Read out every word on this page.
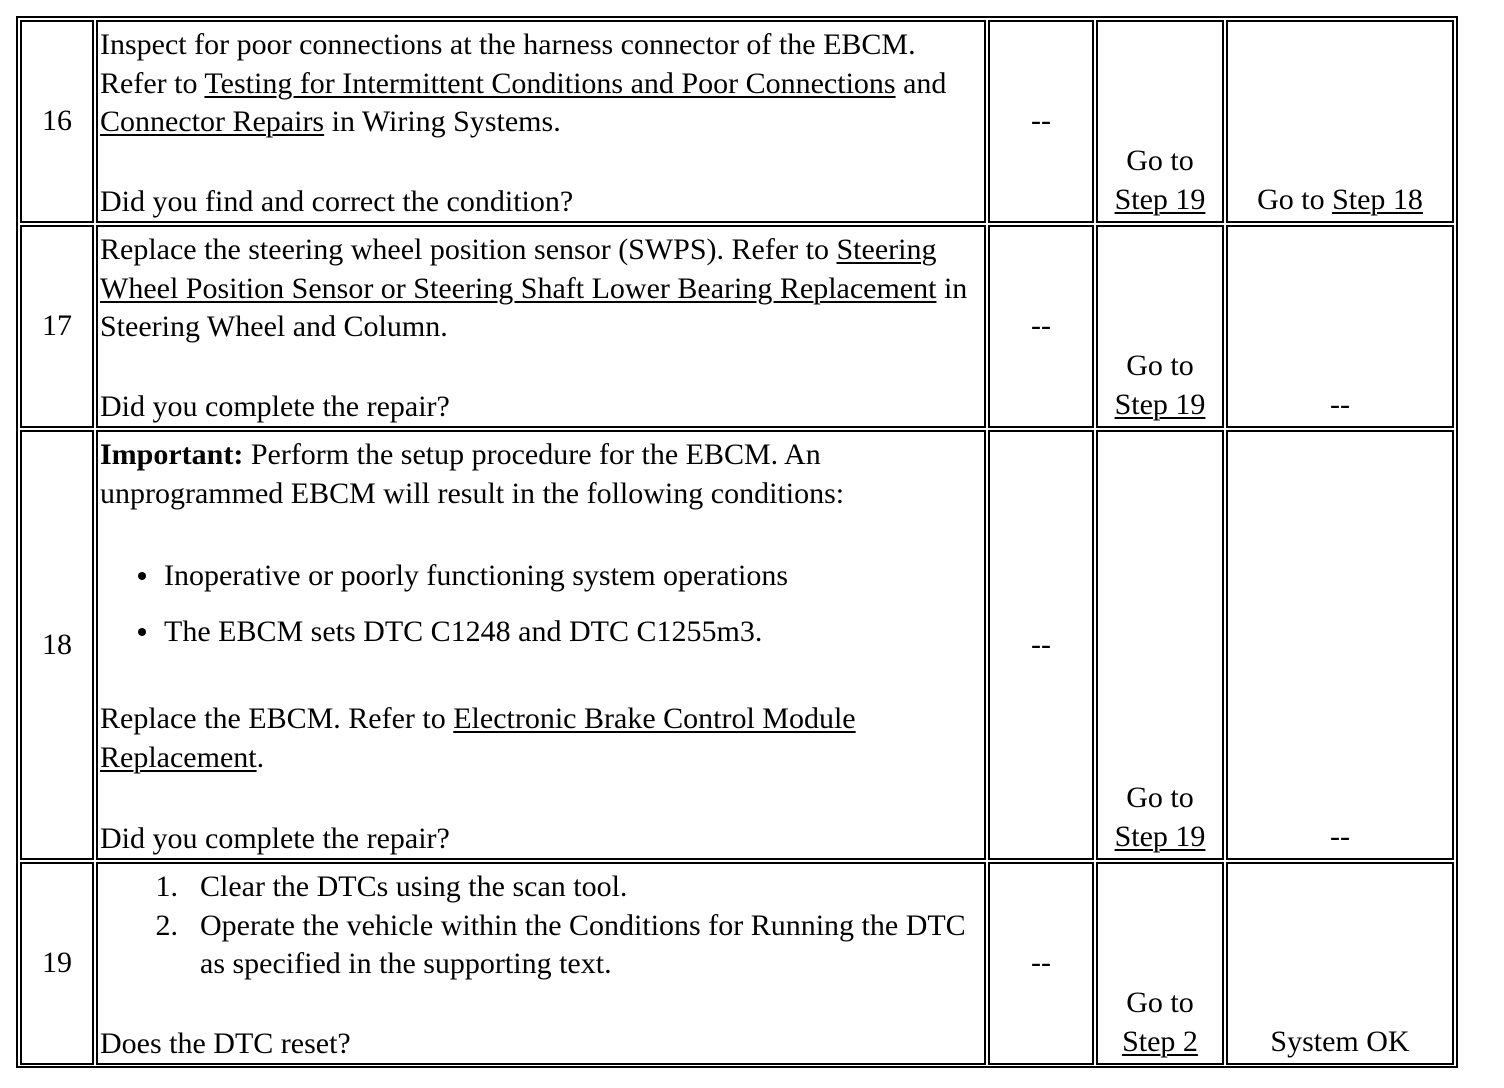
16

Inspect for poor connections at the harness connector of the EBCM. Refer to Testing for Intermittent Conditions and Poor Connections and Connector Repairs in Wiring Systems.

Did you find and correct the condition?

--
Go to
Step 19 Go to Step 18
17

Replace the steering wheel position sensor (SWPS). Refer to Steering Wheel Position Sensor or Steering Shaft Lower Bearing Replacement in Steering Wheel and Column.

Did you complete the repair?

--
Go to
Step 19	--
18

Important: Perform the setup procedure for the EBCM. An unprogrammed EBCM will result in the following conditions:

Inoperative or poorly functioning system operations
The EBCM sets DTC C1248 and DTC C1255m3.

Replace the EBCM. Refer to Electronic Brake Control Module Replacement.

Did you complete the repair?

--
Go to
Step 19	--
19
1. Clear the DTCs using the scan tool.
2. Operate the vehicle within the Conditions for Running the DTC as specified in the supporting text.

Does the DTC reset?

--
Go to
Step 2 System OK
